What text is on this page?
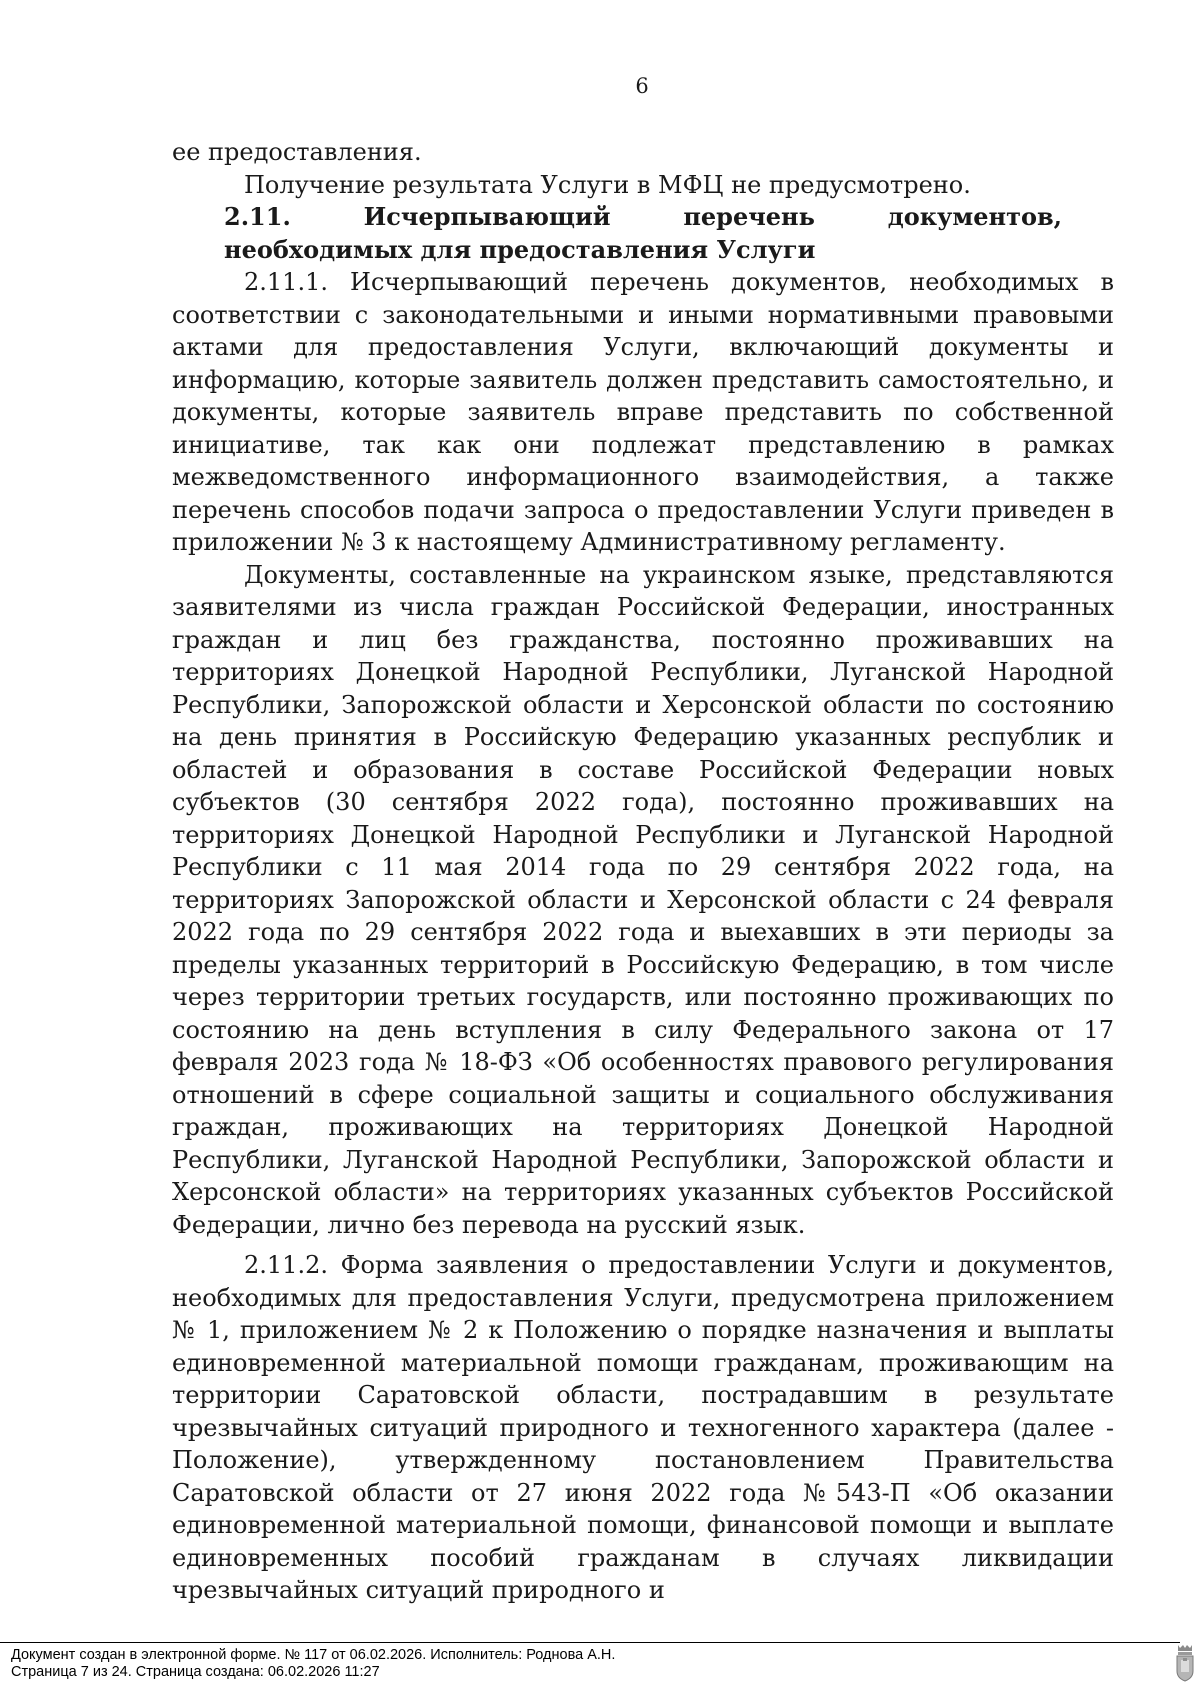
6

ее предоставления.

Получение результата Услуги в МФЦ не предусмотрено.

2.11. Исчерпывающий перечень документов, необходимых для предоставления Услуги

2.11.1. Исчерпывающий перечень документов, необходимых в соответствии с законодательными и иными нормативными правовыми актами для предоставления Услуги, включающий документы и информацию, которые заявитель должен представить самостоятельно, и документы, которые заявитель вправе представить по собственной инициативе, так как они подлежат представлению в рамках межведомственного информационного взаимодействия, а также перечень способов подачи запроса о предоставлении Услуги приведен в приложении № 3 к настоящему Административному регламенту.

Документы, составленные на украинском языке, представляются заявителями из числа граждан Российской Федерации, иностранных граждан и лиц без гражданства, постоянно проживавших на территориях Донецкой Народной Республики, Луганской Народной Республики, Запорожской области и Херсонской области по состоянию на день принятия в Российскую Федерацию указанных республик и областей и образования в составе Российской Федерации новых субъектов (30 сентября 2022 года), постоянно проживавших на территориях Донецкой Народной Республики и Луганской Народной Республики с 11 мая 2014 года по 29 сентября 2022 года, на территориях Запорожской области и Херсонской области с 24 февраля 2022 года по 29 сентября 2022 года и выехавших в эти периоды за пределы указанных территорий в Российскую Федерацию, в том числе через территории третьих государств, или постоянно проживающих по состоянию на день вступления в силу Федерального закона от 17 февраля 2023 года № 18-ФЗ «Об особенностях правового регулирования отношений в сфере социальной защиты и социального обслуживания граждан, проживающих на территориях Донецкой Народной Республики, Луганской Народной Республики, Запорожской области и Херсонской области» на территориях указанных субъектов Российской Федерации, лично без перевода на русский язык.

2.11.2. Форма заявления о предоставлении Услуги и документов, необходимых для предоставления Услуги, предусмотрена приложением № 1, приложением № 2 к Положению о порядке назначения и выплаты единовременной материальной помощи гражданам, проживающим на территории Саратовской области, пострадавшим в результате чрезвычайных ситуаций природного и техногенного характера (далее - Положение), утвержденному постановлением Правительства Саратовской области от 27 июня 2022 года №543-П «Об оказании единовременной материальной помощи, финансовой помощи и выплате единовременных пособий гражданам в случаях ликвидации чрезвычайных ситуаций природного и

Документ создан в электронной форме. № 117 от 06.02.2026. Исполнитель: Роднова А.Н.
Страница 7 из 24. Страница создана: 06.02.2026 11:27
